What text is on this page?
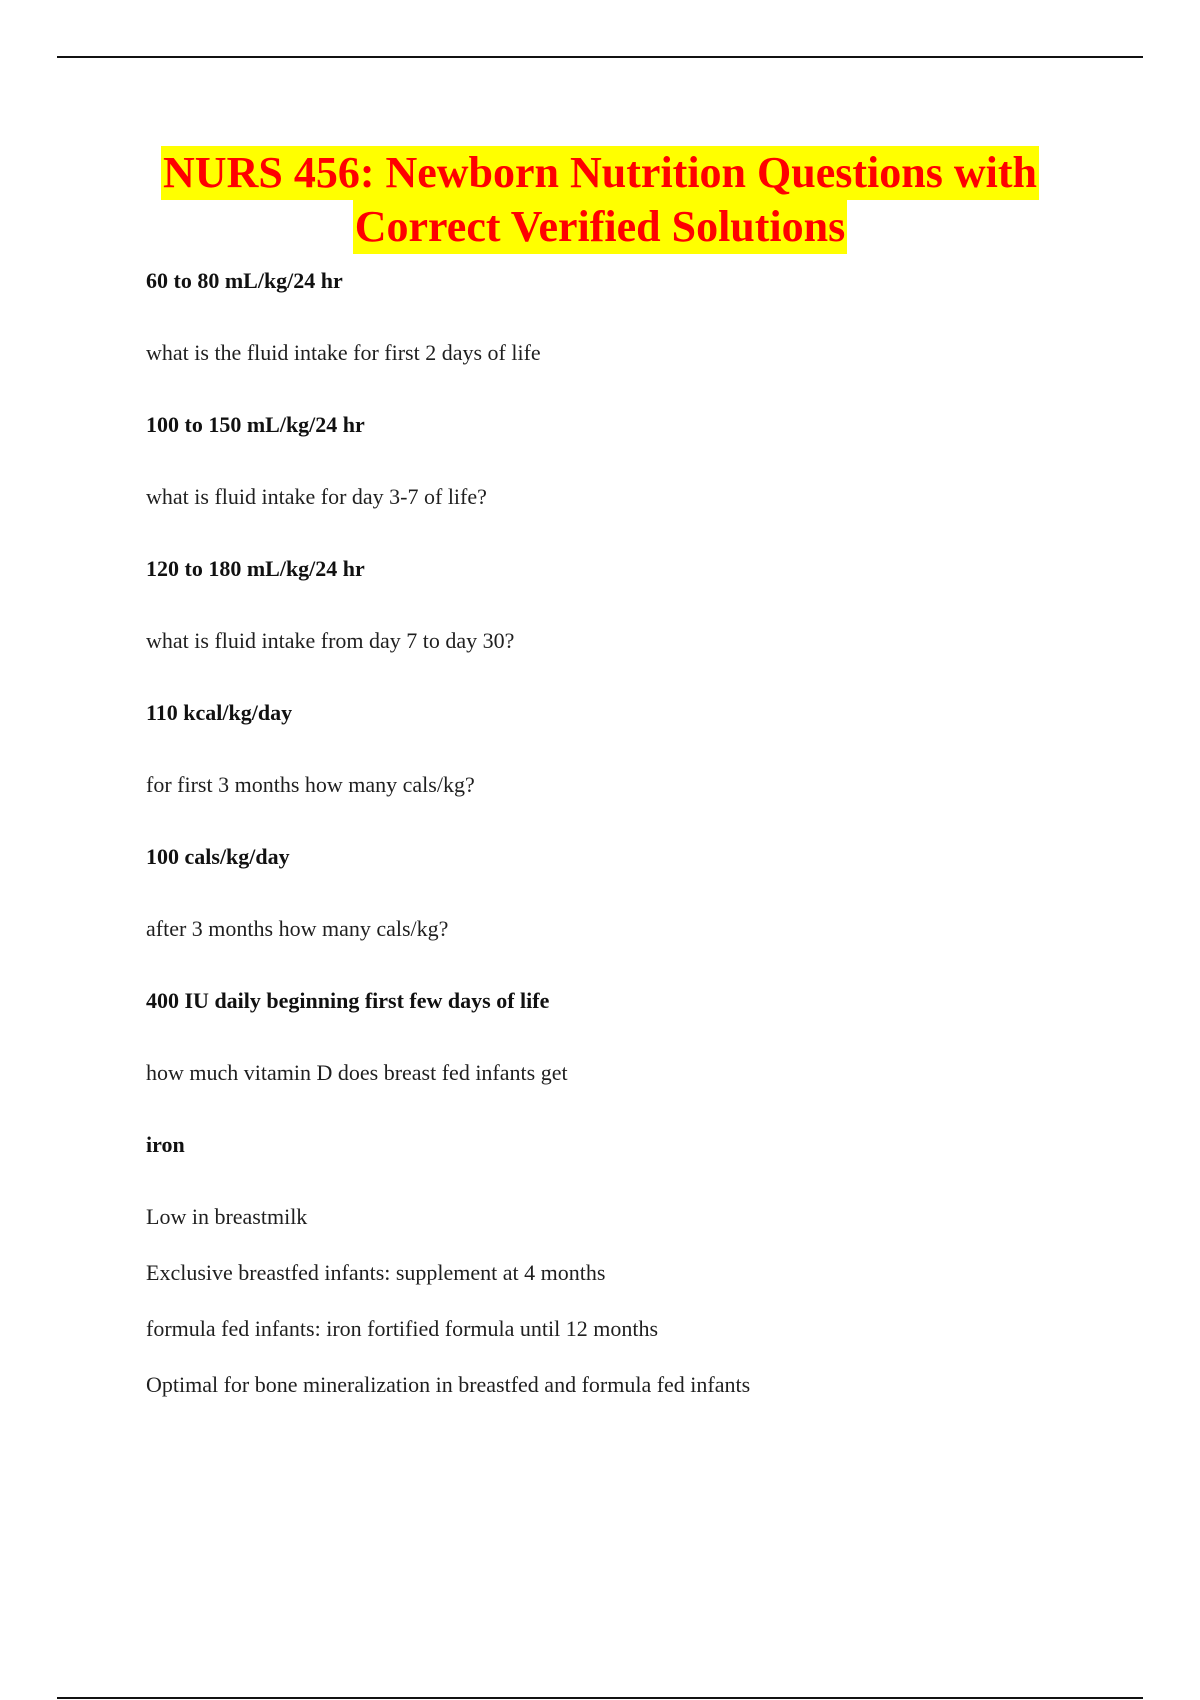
NURS 456: Newborn Nutrition Questions with
Correct Verified Solutions
60 to 80 mL/kg/24 hr
what is the fluid intake for first 2 days of life
100 to 150 mL/kg/24 hr
what is fluid intake for day 3-7 of life?
120 to 180 mL/kg/24 hr
what is fluid intake from day 7 to day 30?
110 kcal/kg/day
for first 3 months how many cals/kg?
100 cals/kg/day
after 3 months how many cals/kg?
400 IU daily beginning first few days of life
how much vitamin D does breast fed infants get
iron
Low in breastmilk
Exclusive breastfed infants: supplement at 4 months
formula fed infants: iron fortified formula until 12 months
Optimal for bone mineralization in breastfed and formula fed infants
